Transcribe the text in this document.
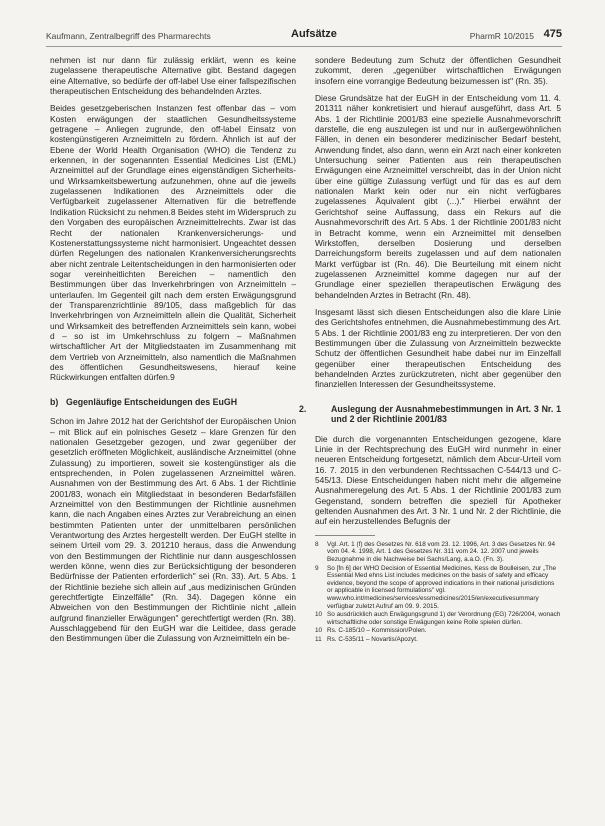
Kaufmann, Zentralbegriff des Pharmarechts	Aufsätze	PharmR 10/2015 475

nehmen ist nur dann für zulässig erklärt, wenn es keine zugelassene therapeutische Alternative gibt. Bestand dagegen eine Alternative, so bedürfe der off-label Use einer fallspezifischen therapeutischen Entscheidung des behandelnden Arztes.

Beides gesetzgeberischen Instanzen fest offenbar das – vom Kosten erwägungen der staatlichen Gesundheitssysteme getragene – Anliegen zugrunde, den off-label Einsatz von kostengünstigeren Arzneimitteln zu fördern. Ähnlich ist auf der Ebene der World Health Organisation (WHO) die Tendenz zu erkennen, in der sogenannten Essential Medicines List (EML) Arzneimittel auf der Grundlage eines eigenständigen Sicherheits- und Wirksamkeitsbewertung aufzunehmen, ohne auf die jeweils zugelassenen Indikationen des Arzneimittels oder die Verfügbarkeit zugelassener Alternativen für die betreffende Indikation Rücksicht zu nehmen.8 Beides steht im Widerspruch zu den Vorgaben des europäischen Arzneimittelrechts. Zwar ist das Recht der nationalen Krankenversicherungs- und Kostenerstattungssysteme nicht harmonisiert. Ungeachtet dessen dürfen Regelungen des nationalen Krankenversicherungsrechts aber nicht zentrale Leitentscheidungen in den harmonisierten oder sogar vereinheitlichten Bereichen – namentlich den Bestimmungen über das Inverkehrbringen von Arzneimitteln – unterlaufen. Im Gegenteil gilt nach dem ersten Erwägungsgrund der Transparenzrichtlinie 89/105, dass maßgeblich für das Inverkehrbringen von Arzneimitteln allein die Qualität, Sicherheit und Wirksamkeit des betreffenden Arzneimittels sein kann, wobei d – so ist im Umkehrschluss zu folgern – Maßnahmen wirtschaftlicher Art der Mitgliedstaaten im Zusammenhang mit dem Vertrieb von Arzneimitteln, also namentlich die Maßnahmen des öffentlichen Gesundheitswesens, hierauf keine Rückwirkungen entfalten dürfen.9

b) Gegenläufige Entscheidungen des EuGH

Schon im Jahre 2012 hat der Gerichtshof der Europäischen Union – mit Blick auf ein polnisches Gesetz – klare Grenzen für den nationalen Gesetzgeber gezogen, und zwar gegenüber der gesetzlich eröffneten Möglichkeit, ausländische Arzneimittel (ohne Zulassung) zu importieren, soweit sie kostengünstiger als die entsprechenden, in Polen zugelassenen Arzneimittel wären. Ausnahmen von der Bestimmung des Art. 6 Abs. 1 der Richtlinie 2001/83, wonach ein Mitgliedstaat in besonderen Bedarfsfällen Arzneimittel von den Bestimmungen der Richtlinie ausnehmen kann, die nach Angaben eines Arztes zur Verabreichung an einen bestimmten Patienten unter der unmittelbaren persönlichen Verantwortung des Arztes hergestellt werden. Der EuGH stellte in seinem Urteil vom 29. 3. 201210 heraus, dass die Anwendung von den Bestimmungen der Richtlinie nur dann ausgeschlossen werden könne, wenn dies zur Berücksichtigung der besonderen Bedürfnisse der Patienten erforderlich" sei (Rn. 33). Art. 5 Abs. 1 der Richtlinie beziehe sich allein auf „aus medizinischen Gründen gerechtfertigte Einzelfälle" (Rn. 34). Dagegen könne ein Abweichen von den Bestimmungen der Richtlinie nicht „allein aufgrund finanzieller Erwägungen" gerechtfertigt werden (Rn. 38). Ausschlaggebend für den EuGH war die Leitidee, dass gerade den Bestimmungen über die Zulassung von Arzneimitteln ein be-

sondere Bedeutung zum Schutz der öffentlichen Gesundheit zukommt, deren „gegenüber wirtschaftlichen Erwägungen insofern eine vorrangige Bedeutung beizumessen ist" (Rn. 35).

Diese Grundsätze hat der EuGH in der Entscheidung vom 11. 4. 201311 näher konkretisiert und hierauf ausgeführt, dass Art. 5 Abs. 1 der Richtlinie 2001/83 eine spezielle Ausnahmevorschrift darstelle, die eng auszulegen ist und nur in außergewöhnlichen Fällen, in denen ein besonderer medizinischer Bedarf besteht, Anwendung findet, also dann, wenn ein Arzt nach einer konkreten Untersuchung seiner Patienten aus rein therapeutischen Erwägungen eine Arzneimittel verschreibt, das in der Union nicht über eine gültige Zulassung verfügt und für das es auf dem nationalen Markt kein oder nur ein nicht verfügbares zugelassenes Äquivalent gibt (...)." Hierbei erwähnt der Gerichtshof seine Auffassung, dass ein Rekurs auf die Ausnahmevorschrift des Art. 5 Abs. 1 der Richtlinie 2001/83 nicht in Betracht komme, wenn ein Arzneimittel mit denselben Wirkstoffen, derselben Dosierung und derselben Darreichungsform bereits zugelassen und auf dem nationalen Markt verfügbar ist (Rn. 46). Die Beurteilung mit einem nicht zugelassenen Arzneimittel komme dagegen nur auf der Grundlage einer speziellen therapeutischen Erwägung des behandelnden Arztes in Betracht (Rn. 48).

Insgesamt lässt sich diesen Entscheidungen also die klare Linie des Gerichtshofes entnehmen, die Ausnahmebestimmung des Art. 5 Abs. 1 der Richtlinie 2001/83 eng zu interpretieren. Der von den Bestimmungen über die Zulassung von Arzneimitteln bezweckte Schutz der öffentlichen Gesundheit habe dabei nur im Einzelfall gegenüber einer therapeutischen Entscheidung des behandelnden Arztes zurückzutreten, nicht aber gegenüber den finanziellen Interessen der Gesundheitssysteme.

2.	Auslegung der Ausnahmebestimmungen in Art. 3 Nr. 1 und 2 der Richtlinie 2001/83

Die durch die vorgenannten Entscheidungen gezogene, klare Linie in der Rechtsprechung des EuGH wird nunmehr in einer neueren Entscheidung fortgesetzt, nämlich dem Abcur-Urteil vom 16. 7. 2015 in den verbundenen Rechtssachen C-544/13 und C-545/13. Diese Entscheidungen haben nicht mehr die allgemeine Ausnahmeregelung des Art. 5 Abs. 1 der Richtlinie 2001/83 zum Gegenstand, sondern betreffen die speziell für Apotheker geltenden Ausnahmen des Art. 3 Nr. 1 und Nr. 2 der Richtlinie, die auf ein herzustellendes Befugnis der

8	Vgl. Art. 1 (f) des Gesetzes Nr. 618 vom 23. 12. 1996, Art. 3 des Gesetzes Nr. 94 vom 04. 4. 1998, Art. 1 des Gesetzes Nr. 311 vom 24. 12. 2007 und jeweils Bezugnahme in die Nachweise bei Sachs/Lang, a.a.O. (Fn. 3).
9	So [fn 6] der WHO Decision of Essential Medicines, Kess de Boulleisen, zur „The Essential Med ehns List includes medicines on the basis of safety and efficacy evidence, beyond the scope of approved indications in their national jurisdictions or applicable in licensed formulations" vgl. www.who.int/medicines/services/essmedicines/2015/en/executivesummary verfügbar zuletzt Aufruf am 09. 9. 2015.
10 So ausdrücklich auch Erwägungsgrund 1) der Verordnung (EG) 726/2004, wonach wirtschaftliche oder sonstige Erwägungen keine Rolle spielen dürfen.
10 Rs. C-185/10 – Kommission/Polen.
11 Rs. C-535/11 – Novartis/Apozyt.
